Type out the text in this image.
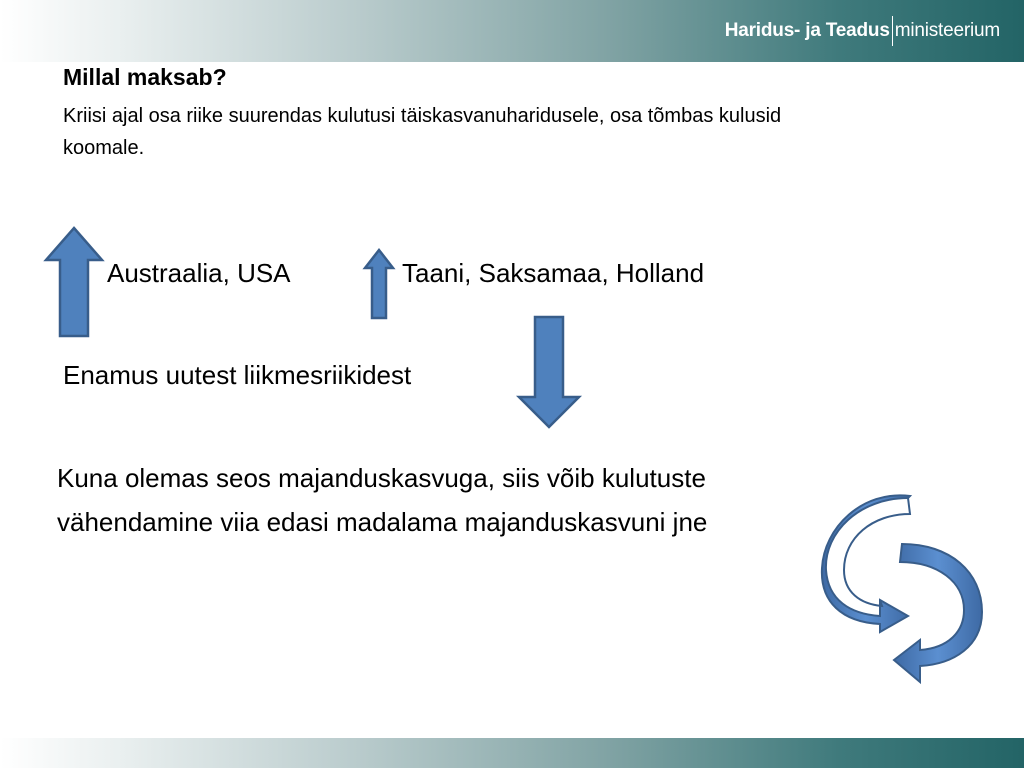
Haridus- ja Teadus ministeerium
Millal maksab?

Kriisi ajal osa riike suurendas kulutusi täiskasvanuharidusele, osa tõmbas kulusid koomale.

Austraalia, USA	Taani, Saksamaa, Holland
Enamus uutest liikmesriikidest
Kuna olemas seos majanduskasvuga, siis võib kulutuste vähendamine viia edasi madalama majanduskasvuni jne
